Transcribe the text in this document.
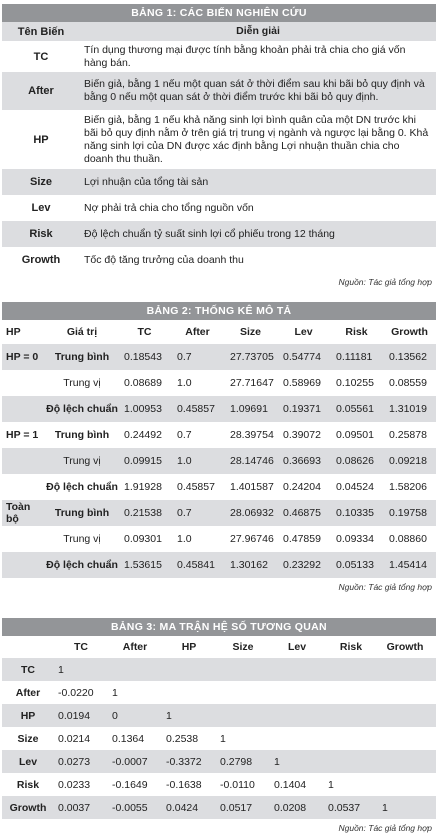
BẢNG 1: CÁC BIẾN NGHIÊN CỨU
Tên Biến	Diễn giải
TC
Tín dụng thương mại được tính bằng khoản phải trả chia cho giá vốn hàng bán.
After
Biến giả, bằng 1 nếu một quan sát ở thời điểm sau khi bãi bỏ quy định và bằng 0 nếu một quan sát ở thời điểm trước khi bãi bỏ quy định.
HP
Biến giả, bằng 1 nếu khả năng sinh lợi bình quân của một DN trước khi bãi bỏ quy định nằm ở trên giá trị trung vị ngành và ngược lại bằng 0. Khả năng sinh lợi của DN được xác định bằng Lợi nhuận thuần chia cho doanh thu thuần.
Size	Lợi nhuận của tổng tài sản
Lev	Nợ phải trả chia cho tổng nguồn vốn
Risk	Độ lệch chuẩn tỷ suất sinh lợi cổ phiếu trong 12 tháng
Growth	Tốc độ tăng trưởng của doanh thu
Nguồn: Tác giả tổng hợp
BẢNG 2: THỐNG KÊ MÔ TẢ
HP	Giá trị	TC	After	Size	Lev	Risk	Growth
HP = 0	Trung bình	0.18543	0.7	27.73705 0.54774	0.11181	0.13562
Trung vị	0.08689	1.0	27.71647 0.58969	0.10255	0.08559
Độ lệch chuẩn 1.00953	0.45857	1.09691	0.19371	0.05561	1.31019
HP = 1	Trung bình	0.24492	0.7	28.39754 0.39072	0.09501	0.25878
Trung vị	0.09915	1.0	28.14746 0.36693	0.08626	0.09218
Độ lệch chuẩn 1.91928	0.45857	1.401587 0.24204	0.04524	1.58206
Toàn bộ	Trung bình	0.21538	0.7	28.06932 0.46875	0.10335	0.19758
Trung vị	0.09301	1.0	27.96746 0.47859	0.09334	0.08860
Độ lệch chuẩn 1.53615	0.45841	1.30162	0.23292	0.05133	1.45414
Nguồn: Tác giả tổng hợp
BẢNG 3: MA TRẬN HỆ SỐ TƯƠNG QUAN
TC	After	HP	Size	Lev	Risk	Growth
TC	1
After	-0.0220	1
HP	0.0194	0	1
Size	0.0214	0.1364	0.2538	1
Lev	0.0273	-0.0007	-0.3372	0.2798	1
Risk	0.0233	-0.1649	-0.1638	-0.0110	0.1404	1
Growth	0.0037	-0.0055	0.0424	0.0517	0.0208	0.0537	1
Nguồn: Tác giả tổng hợp
